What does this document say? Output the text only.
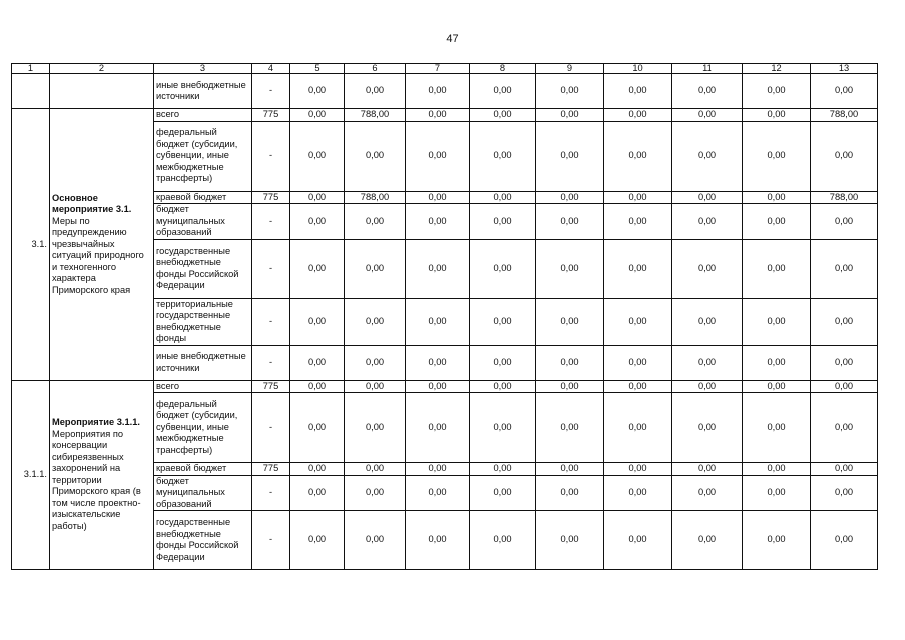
47
1	2	3	4	5	6	7	8	9	10	11	12	13
		иные внебюджетные источники	-	0,00	0,00	0,00	0,00	0,00	0,00	0,00	0,00	0,00
3.1.	Основное мероприятие 3.1. Меры по предупреждению чрезвычайных ситуаций природного и техногенного характера Приморского края	всего	775	0,00	788,00	0,00	0,00	0,00	0,00	0,00	0,00	788,00
		федеральный бюджет (субсидии, субвенции, иные межбюджетные трансферты)	-	0,00	0,00	0,00	0,00	0,00	0,00	0,00	0,00	0,00
		краевой бюджет	775	0,00	788,00	0,00	0,00	0,00	0,00	0,00	0,00	788,00
		бюджет муниципальных образований	-	0,00	0,00	0,00	0,00	0,00	0,00	0,00	0,00	0,00
		государственные внебюджетные фонды Российской Федерации	-	0,00	0,00	0,00	0,00	0,00	0,00	0,00	0,00	0,00
		территориальные государственные внебюджетные фонды	-	0,00	0,00	0,00	0,00	0,00	0,00	0,00	0,00	0,00
		иные внебюджетные источники	-	0,00	0,00	0,00	0,00	0,00	0,00	0,00	0,00	0,00
3.1.1.	Мероприятие 3.1.1. Мероприятия по консервации сибиреязвенных захоронений на территории Приморского края (в том числе проектно-изыскательские работы)	всего	775	0,00	0,00	0,00	0,00	0,00	0,00	0,00	0,00	0,00
		федеральный бюджет (субсидии, субвенции, иные межбюджетные трансферты)	-	0,00	0,00	0,00	0,00	0,00	0,00	0,00	0,00	0,00
		краевой бюджет	775	0,00	0,00	0,00	0,00	0,00	0,00	0,00	0,00	0,00
		бюджет муниципальных образований	-	0,00	0,00	0,00	0,00	0,00	0,00	0,00	0,00	0,00
		государственные внебюджетные фонды Российской Федерации	-	0,00	0,00	0,00	0,00	0,00	0,00	0,00	0,00	0,00
